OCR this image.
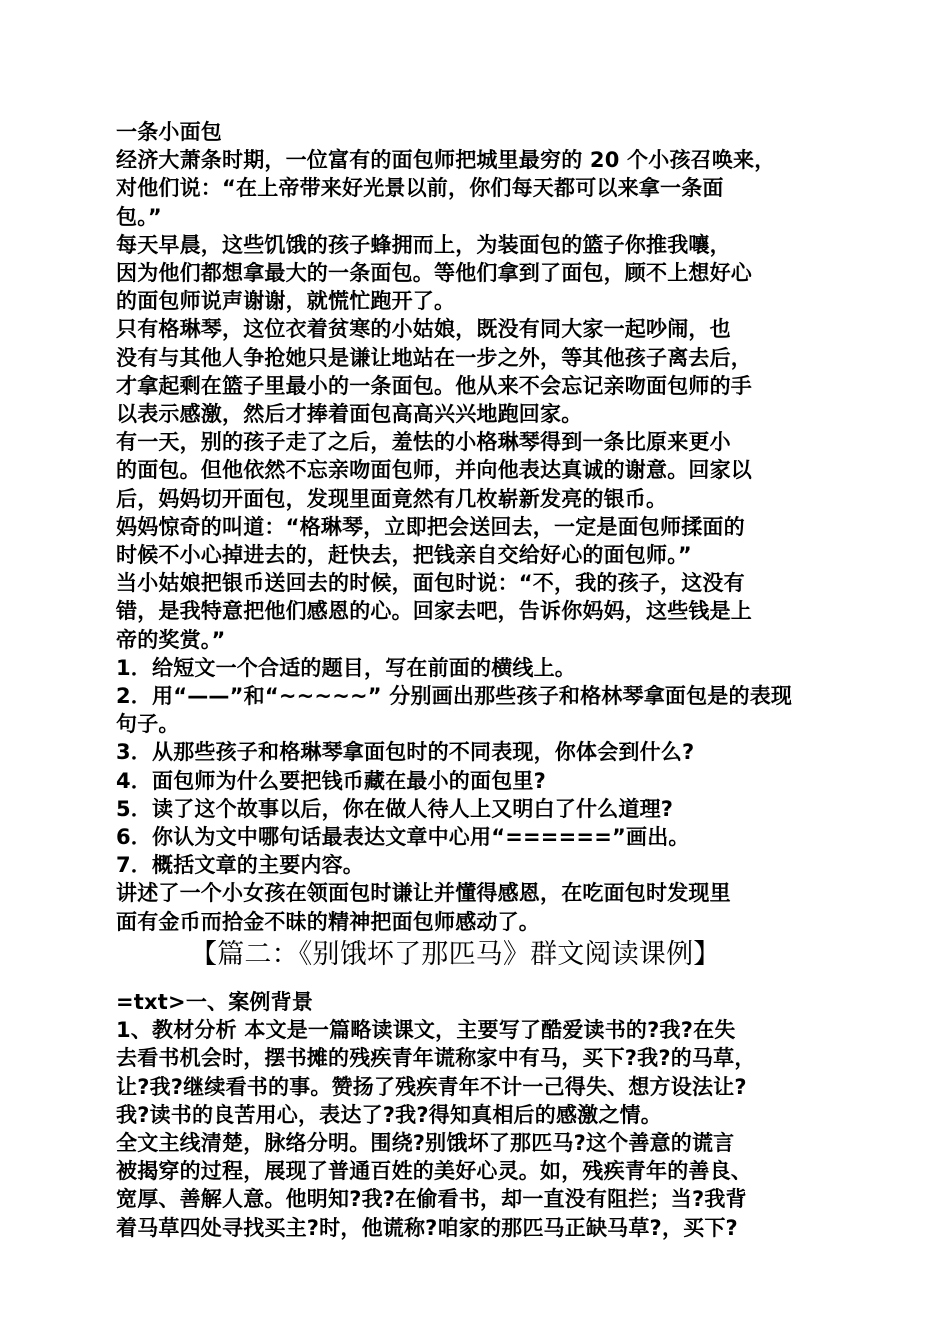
一条小面包

经济大萧条时期，一位富有的面包师把城里最穷的 20 个小孩召唤来，

对他们说：“在上帝带来好光景以前，你们每天都可以来拿一条面

包。”

每天早晨，这些饥饿的孩子蜂拥而上，为装面包的篮子你推我嚷，

因为他们都想拿最大的一条面包。等他们拿到了面包，顾不上想好心

的面包师说声谢谢，就慌忙跑开了。

只有格琳琴，这位衣着贫寒的小姑娘，既没有同大家一起吵闹，也

没有与其他人争抢她只是谦让地站在一步之外，等其他孩子离去后，

才拿起剩在篮子里最小的一条面包。他从来不会忘记亲吻面包师的手

以表示感激，然后才捧着面包高高兴兴地跑回家。

有一天，别的孩子走了之后，羞怯的小格琳琴得到一条比原来更小

的面包。但他依然不忘亲吻面包师，并向他表达真诚的谢意。回家以

后，妈妈切开面包，发现里面竟然有几枚崭新发亮的银币。

妈妈惊奇的叫道：“格琳琴，立即把会送回去，一定是面包师揉面的

时候不小心掉进去的，赶快去，把钱亲自交给好心的面包师。”

当小姑娘把银币送回去的时候，面包时说：“不，我的孩子，这没有

错，是我特意把他们感恩的心。回家去吧，告诉你妈妈，这些钱是上

帝的奖赏。”

1．给短文一个合适的题目，写在前面的横线上。

2．用“——”和“~~~~~” 分别画出那些孩子和格林琴拿面包是的表现

句子。

3．从那些孩子和格琳琴拿面包时的不同表现，你体会到什么?

4．面包师为什么要把钱币藏在最小的面包里?

5．读了这个故事以后，你在做人待人上又明白了什么道理?

6．你认为文中哪句话最表达文章中心用“======”画出。

7．概括文章的主要内容。

讲述了一个小女孩在领面包时谦让并懂得感恩，在吃面包时发现里

面有金币而拾金不昧的精神把面包师感动了。

【篇二：《别饿坏了那匹马》群文阅读课例】

=txt>一、案例背景

1、教材分析 本文是一篇略读课文，主要写了酷爱读书的?我?在失

去看书机会时，摆书摊的残疾青年谎称家中有马，买下?我?的马草，

让?我?继续看书的事。赞扬了残疾青年不计一己得失、想方设法让?

我?读书的良苦用心，表达了?我?得知真相后的感激之情。

全文主线清楚，脉络分明。围绕?别饿坏了那匹马?这个善意的谎言

被揭穿的过程，展现了普通百姓的美好心灵。如，残疾青年的善良、

宽厚、善解人意。他明知?我?在偷看书，却一直没有阻拦；当?我背

着马草四处寻找买主?时，他谎称?咱家的那匹马正缺马草?，买下?
